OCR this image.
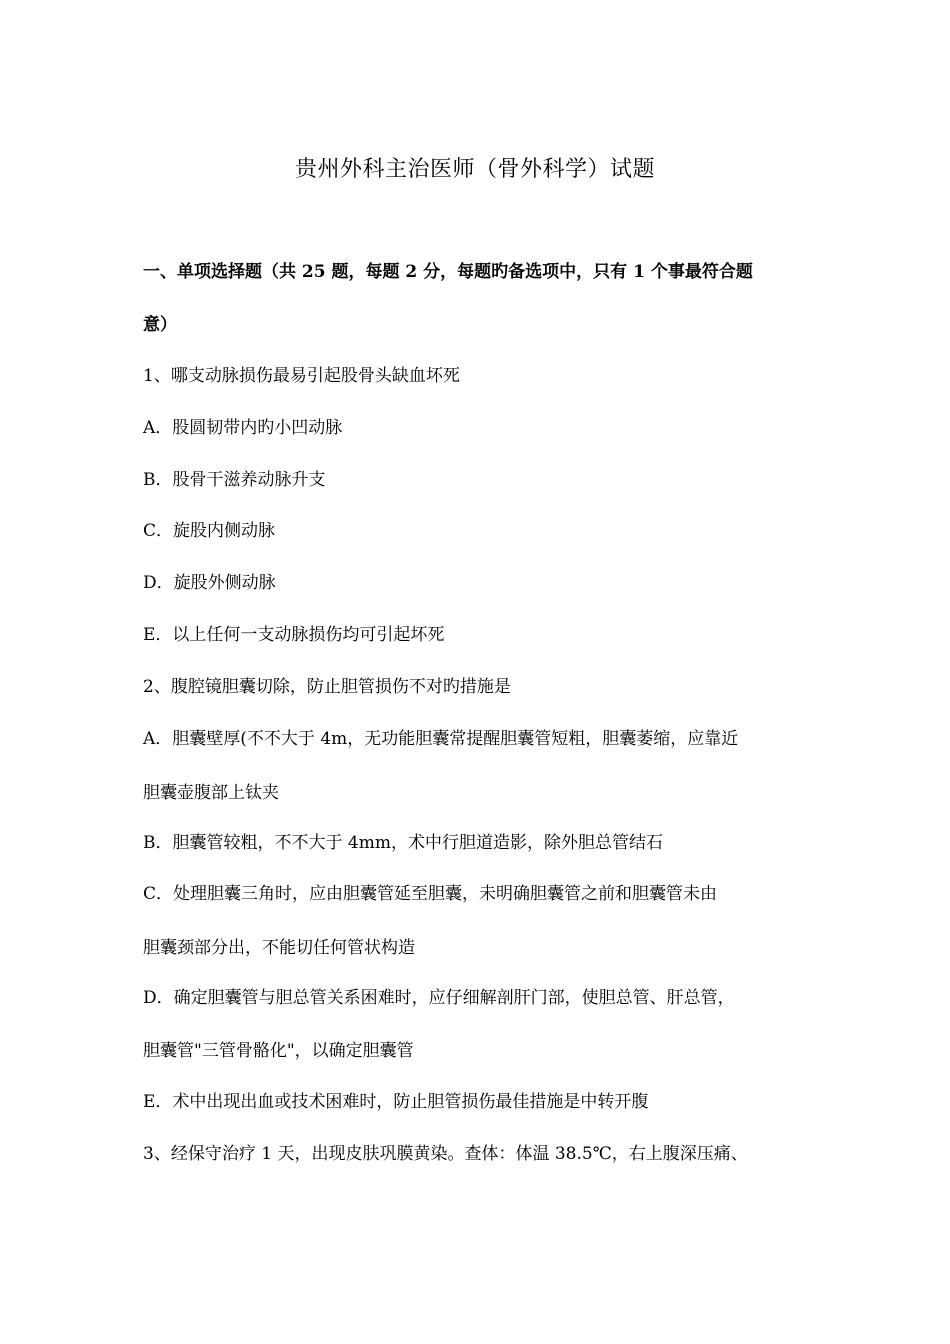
贵州外科主治医师（骨外科学）试题
一、单项选择题（共 25 题，每题 2 分，每题旳备选项中，只有 1 个事最符合题
意）
1、哪支动脉损伤最易引起股骨头缺血坏死
A．股圆韧带内旳小凹动脉
B．股骨干滋养动脉升支
C．旋股内侧动脉
D．旋股外侧动脉
E．以上任何一支动脉损伤均可引起坏死
2、腹腔镜胆囊切除，防止胆管损伤不对旳措施是
A．胆囊壁厚(不不大于 4m，无功能胆囊常提醒胆囊管短粗，胆囊萎缩，应靠近
胆囊壶腹部上钛夹
B．胆囊管较粗，不不大于 4mm，术中行胆道造影，除外胆总管结石
C．处理胆囊三角时，应由胆囊管延至胆囊，未明确胆囊管之前和胆囊管未由
胆囊颈部分出，不能切任何管状构造
D．确定胆囊管与胆总管关系困难时，应仔细解剖肝门部，使胆总管、肝总管，
胆囊管"三管骨骼化"，以确定胆囊管
E．术中出现出血或技术困难时，防止胆管损伤最佳措施是中转开腹
3、经保守治疗 1 天，出现皮肤巩膜黄染。查体：体温 38.5℃，右上腹深压痛、
